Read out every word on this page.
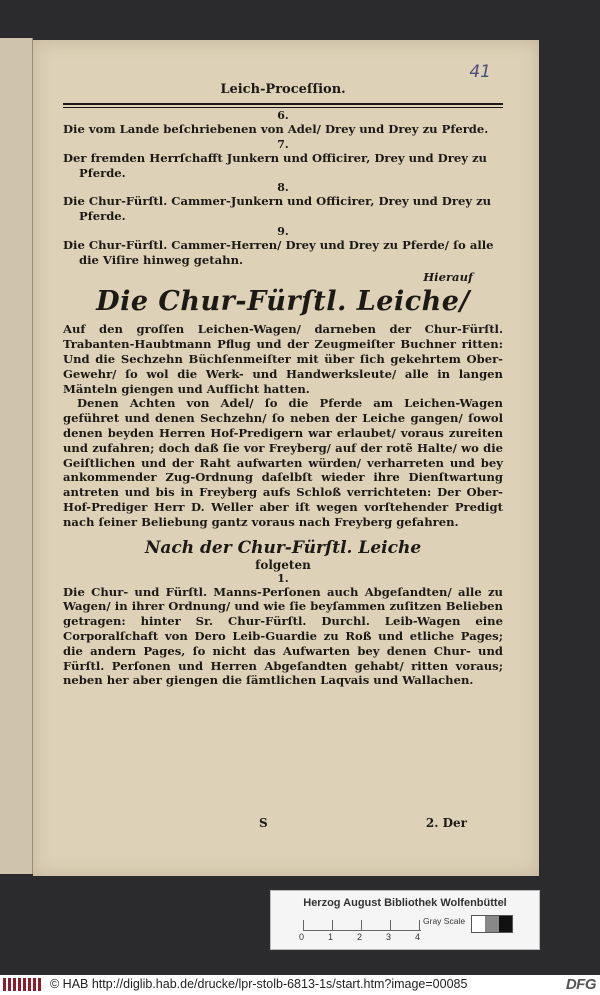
41
Leich-Proceſſion.

6.

Die vom Lande beſchriebenen von Adel/ Drey und Drey zu Pferde.

7.

Der fremden Herrſchafft Junkern und Officirer, Drey und Drey zu Pferde.

8.

Die Chur-Fürſtl. Cammer-Junkern und Officirer, Drey und Drey zu Pferde.

9.

Die Chur-Fürſtl. Cammer-Herren/ Drey und Drey zu Pferde/ ſo alle die Viſire hinweg getahn.

Hierauf

Die Chur-Fürſtl. Leiche/

Auf den groſſen Leichen-Wagen/ darneben der Chur-Fürſtl. Trabanten-Haubtmann Pflug und der Zeugmeiſter Buchner ritten: Und die Sechzehn Büchſenmeiſter mit über ſich gekehrtem Ober-Gewehr/ ſo wol die Werk- und Handwerksleute/ alle in langen Mänteln giengen und Aufſicht hatten.

Denen Achten von Adel/ ſo die Pferde am Leichen-Wagen geführet und denen Sechzehn/ ſo neben der Leiche gangen/ ſowol denen beyden Herren Hof-Predigern war erlaubet/ voraus zureiten und zufahren; doch daß ſie vor Freyberg/ auf der rotẽ Halte/ wo die Geiſtlichen und der Raht aufwarten würden/ verharreten und bey ankommender Zug-Ordnung daſelbſt wieder ihre Dienſtwartung antreten und bis in Freyberg aufs Schloß verrichteten: Der Ober-Hof-Prediger Herr D. Weller aber iſt wegen vorſtehender Predigt nach ſeiner Beliebung gantz voraus nach Freyberg gefahren.

Nach der Chur-Fürſtl. Leiche

folgeten

1.

Die Chur- und Fürſtl. Manns-Perſonen auch Abgeſandten/ alle zu Wagen/ in ihrer Ordnung/ und wie ſie beyſammen zuſitzen Belieben getragen: hinter Sr. Chur-Fürſtl. Durchl. Leib-Wagen eine Corporalſchaft von Dero Leib-Guardie zu Roß und etliche Pages; die andern Pages, ſo nicht das Aufwarten bey denen Chur- und Fürſtl. Perſonen und Herren Abgeſandten gehabt/ ritten voraus; neben her aber giengen die ſämtlichen Laqvais und Wallachen.

S	2. Der
Herzog August Bibliothek Wolfenbüttel
0	1	2	3	4
Gray Scale
© HAB http://diglib.hab.de/drucke/lpr-stolb-6813-1s/start.htm?image=00085	DFG
